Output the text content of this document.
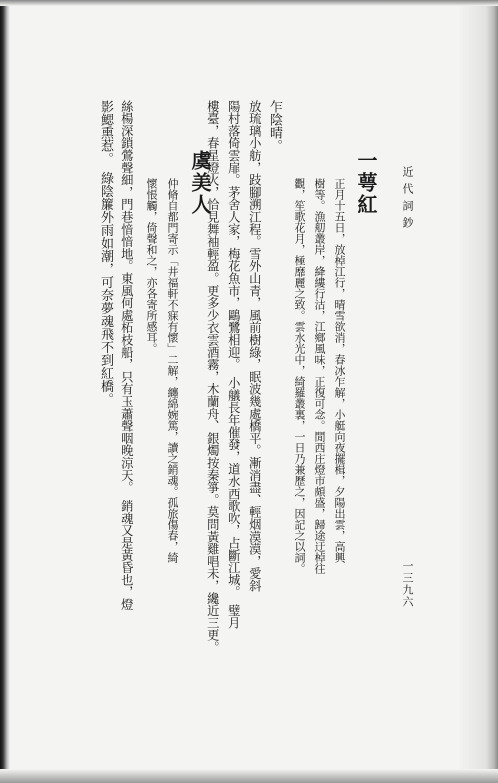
近代詞鈔
一三九六
一萼紅
正月十五日，放棹江行，晴雪欲消，春冰乍解，小艇向夜擺楫，夕陽出雲，高興
樹等。漁舠叢岸，絳縷行沽，江鄉風味，正復可念。閒西庄燈市頗盛，歸途迂棹往
觀，笙歌花月，極靡麗之致。雲水光中，綺羅叢裏，一日乃兼歷之，因記之以詞。
乍陰晴。
放琉璃小舫，跂腳溯江程。雪外山青，風前樹綠，眠波幾處橋平。漸消盡、輕烟漠漠，愛斜
陽村落倚雲扉。茅舍人家，梅花魚市，鷗鷺相迎。　小艤長年催發，道水西歌吹，占斷江城。　璧月
樓臺，春星燈火，恰見舞袖輕盈。更多少衣雲酒霧，木蘭舟、銀燭按秦箏。莫問黃雞唱未，纔近三更。
虞美人
仲脩自都門寄示「井福軒不寐有懷」二解，纏綿婉篤，讀之銷魂。孤旅傷春，綺
懷悵觸，倚聲和之，亦各寄所感耳。
絲楊深鎖鶯聲細，門巷愔愔地。東風何處柘枝船，只有玉蕭聲咽晚涼天。　銷魂又是黃昏也，燈
影鰓熏惹。　綠陰簾外雨如潮，可奈夢魂飛不到紅橋。
